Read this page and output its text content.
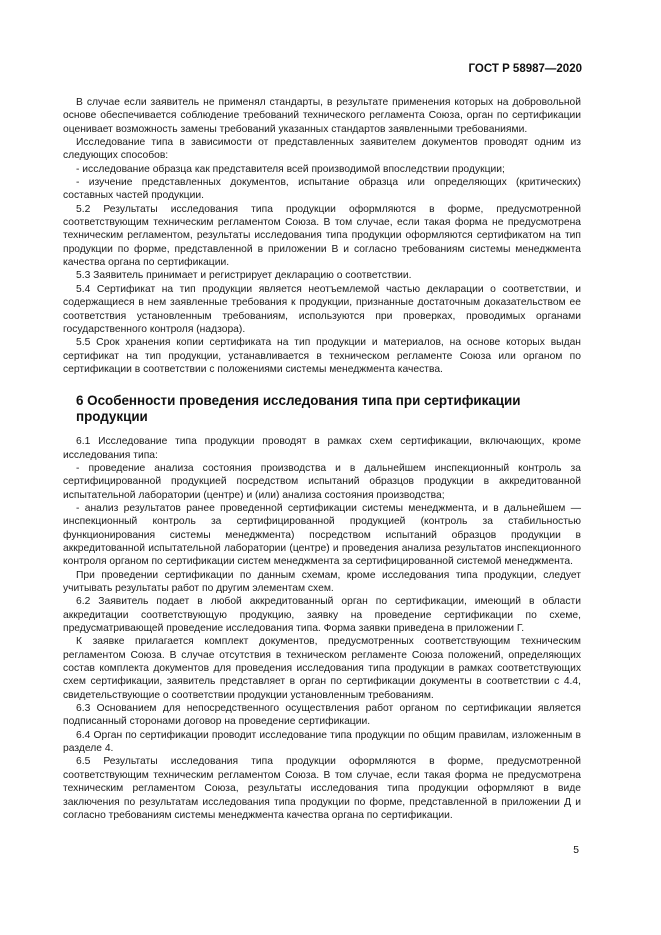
ГОСТ Р 58987—2020

В случае если заявитель не применял стандарты, в результате применения которых на добровольной основе обеспечивается соблюдение требований технического регламента Союза, орган по сертификации оценивает возможность замены требований указанных стандартов заявленными требованиями.

Исследование типа в зависимости от представленных заявителем документов проводят одним из следующих способов:

- исследование образца как представителя всей производимой впоследствии продукции;

- изучение представленных документов, испытание образца или определяющих (критических) составных частей продукции.

5.2 Результаты исследования типа продукции оформляются в форме, предусмотренной соответствующим техническим регламентом Союза. В том случае, если такая форма не предусмотрена техническим регламентом, результаты исследования типа продукции оформляются сертификатом на тип продукции по форме, представленной в приложении В и согласно требованиям системы менеджмента качества органа по сертификации.

5.3 Заявитель принимает и регистрирует декларацию о соответствии.

5.4 Сертификат на тип продукции является неотъемлемой частью декларации о соответствии, и содержащиеся в нем заявленные требования к продукции, признанные достаточным доказательством ее соответствия установленным требованиям, используются при проверках, проводимых органами государственного контроля (надзора).

5.5 Срок хранения копии сертификата на тип продукции и материалов, на основе которых выдан сертификат на тип продукции, устанавливается в техническом регламенте Союза или органом по сертификации в соответствии с положениями системы менеджмента качества.

6 Особенности проведения исследования типа при сертификации продукции

6.1 Исследование типа продукции проводят в рамках схем сертификации, включающих, кроме исследования типа:

- проведение анализа состояния производства и в дальнейшем инспекционный контроль за сертифицированной продукцией посредством испытаний образцов продукции в аккредитованной испытательной лаборатории (центре) и (или) анализа состояния производства;

- анализ результатов ранее проведенной сертификации системы менеджмента, и в дальнейшем — инспекционный контроль за сертифицированной продукцией (контроль за стабильностью функционирования системы менеджмента) посредством испытаний образцов продукции в аккредитованной испытательной лаборатории (центре) и проведения анализа результатов инспекционного контроля органом по сертификации систем менеджмента за сертифицированной системой менеджмента.

При проведении сертификации по данным схемам, кроме исследования типа продукции, следует учитывать результаты работ по другим элементам схем.

6.2 Заявитель подает в любой аккредитованный орган по сертификации, имеющий в области аккредитации соответствующую продукцию, заявку на проведение сертификации по схеме, предусматривающей проведение исследования типа. Форма заявки приведена в приложении Г.

К заявке прилагается комплект документов, предусмотренных соответствующим техническим регламентом Союза. В случае отсутствия в техническом регламенте Союза положений, определяющих состав комплекта документов для проведения исследования типа продукции в рамках соответствующих схем сертификации, заявитель представляет в орган по сертификации документы в соответствии с 4.4, свидетельствующие о соответствии продукции установленным требованиям.

6.3 Основанием для непосредственного осуществления работ органом по сертификации является подписанный сторонами договор на проведение сертификации.

6.4 Орган по сертификации проводит исследование типа продукции по общим правилам, изложенным в разделе 4.

6.5 Результаты исследования типа продукции оформляются в форме, предусмотренной соответствующим техническим регламентом Союза. В том случае, если такая форма не предусмотрена техническим регламентом Союза, результаты исследования типа продукции оформляют в виде заключения по результатам исследования типа продукции по форме, представленной в приложении Д и согласно требованиям системы менеджмента качества органа по сертификации.

5
